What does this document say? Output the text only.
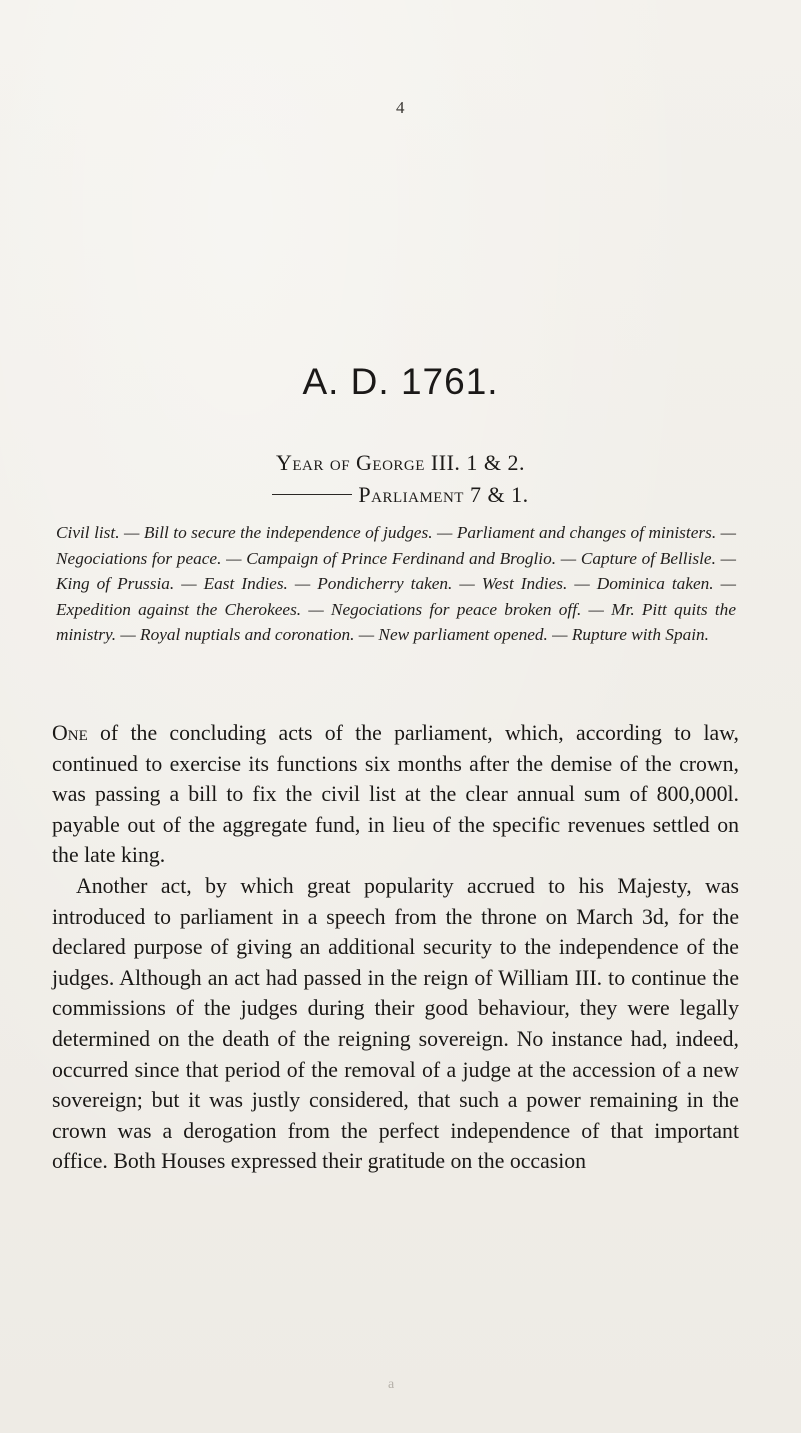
4
A. D. 1761.
Year of George III. 1 & 2.
Parliament 7 & 1.

Civil list. — Bill to secure the independence of judges. — Parliament and changes of ministers. — Negociations for peace. — Campaign of Prince Ferdinand and Broglio. — Capture of Bellisle. — King of Prussia. — East Indies. — Pondicherry taken. — West Indies. — Dominica taken. — Expedition against the Cherokees. — Negociations for peace broken off. — Mr. Pitt quits the ministry. — Royal nuptials and coronation. — New parliament opened. — Rupture with Spain.

One of the concluding acts of the parliament, which, according to law, continued to exercise its functions six months after the demise of the crown, was passing a bill to fix the civil list at the clear annual sum of 800,000l. payable out of the aggregate fund, in lieu of the specific revenues settled on the late king.

Another act, by which great popularity accrued to his Majesty, was introduced to parliament in a speech from the throne on March 3d, for the declared purpose of giving an additional security to the independence of the judges. Although an act had passed in the reign of William III. to continue the commissions of the judges during their good behaviour, they were legally determined on the death of the reigning sovereign. No instance had, indeed, occurred since that period of the removal of a judge at the accession of a new sovereign; but it was justly considered, that such a power remaining in the crown was a derogation from the perfect independence of that important office. Both Houses expressed their gratitude on the occasion

a
